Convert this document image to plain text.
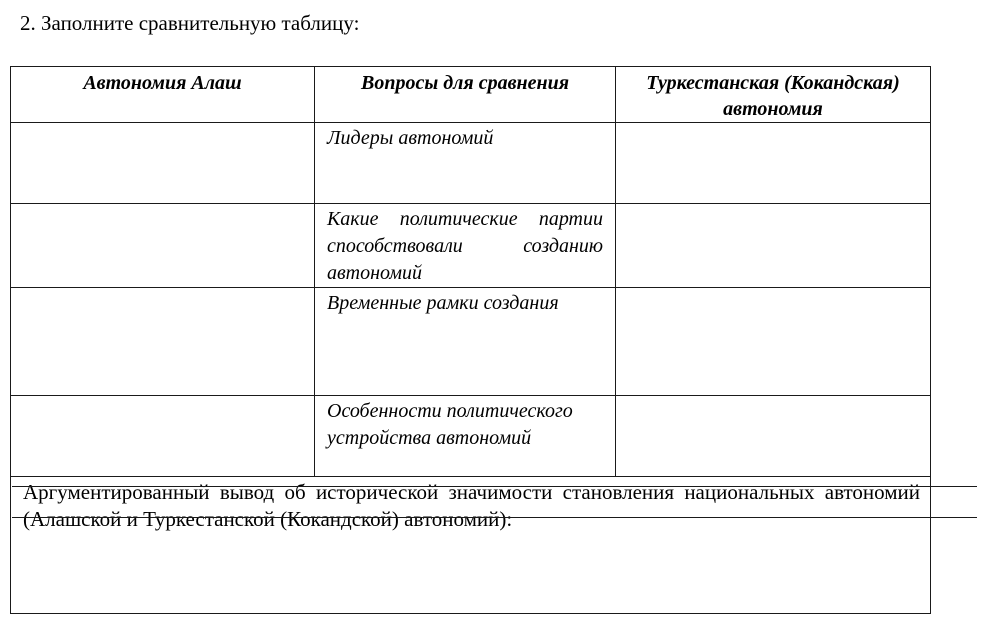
2. Заполните сравнительную таблицу:
Автономия Алаш	Вопросы для сравнения	Туркестанская (Кокандская) автономия

	Лидеры автономий	
	Какие политические партии способствовали созданию автономий	
	Временные рамки создания	
	Особенности политического устройства автономий	

Аргументированный вывод об исторической значимости становления национальных автономий (Алашской и Туркестанской (Кокандской) автономий):		
